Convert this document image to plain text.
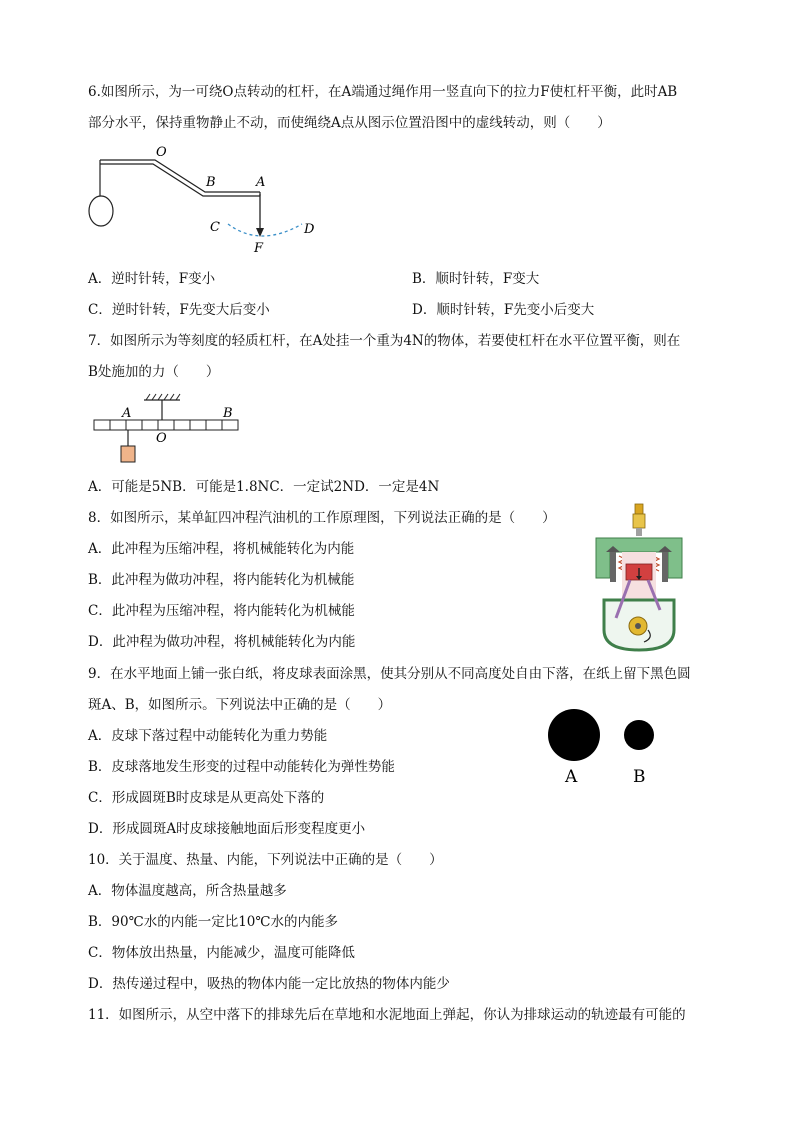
6.如图所示，为一可绕O点转动的杠杆，在A端通过绳作用一竖直向下的拉力F使杠杆平衡，此时AB
部分水平，保持重物静止不动，而使绳绕A点从图示位置沿图中的虚线转动，则（　　）
O
B	A
C	D
F
A．逆时针转，F变小	B．顺时针转，F变大
C．逆时针转，F先变大后变小	D．顺时针转，F先变小后变大
7．如图所示为等刻度的轻质杠杆，在A处挂一个重为4N的物体，若要使杠杆在水平位置平衡，则在
B处施加的力（　　）
A	B
O
A．可能是5NB．可能是1.8NC．一定试2ND．一定是4N
8．如图所示，某单缸四冲程汽油机的工作原理图，下列说法正确的是（　　）
A．此冲程为压缩冲程，将机械能转化为内能
B．此冲程为做功冲程，将内能转化为机械能
C．此冲程为压缩冲程，将内能转化为机械能
D．此冲程为做功冲程，将机械能转化为内能
9．在水平地面上铺一张白纸，将皮球表面涂黑，使其分别从不同高度处自由下落，在纸上留下黑色圆
斑A、B，如图所示。下列说法中正确的是（　　）
A	B
A．皮球下落过程中动能转化为重力势能
B．皮球落地发生形变的过程中动能转化为弹性势能
C．形成圆斑B时皮球是从更高处下落的
D．形成圆斑A时皮球接触地面后形变程度更小
10．关于温度、热量、内能，下列说法中正确的是（　　）
A．物体温度越高，所含热量越多
B．90℃水的内能一定比10℃水的内能多
C．物体放出热量，内能减少，温度可能降低
D．热传递过程中，吸热的物体内能一定比放热的物体内能少
11．如图所示，从空中落下的排球先后在草地和水泥地面上弹起，你认为排球运动的轨迹最有可能的
